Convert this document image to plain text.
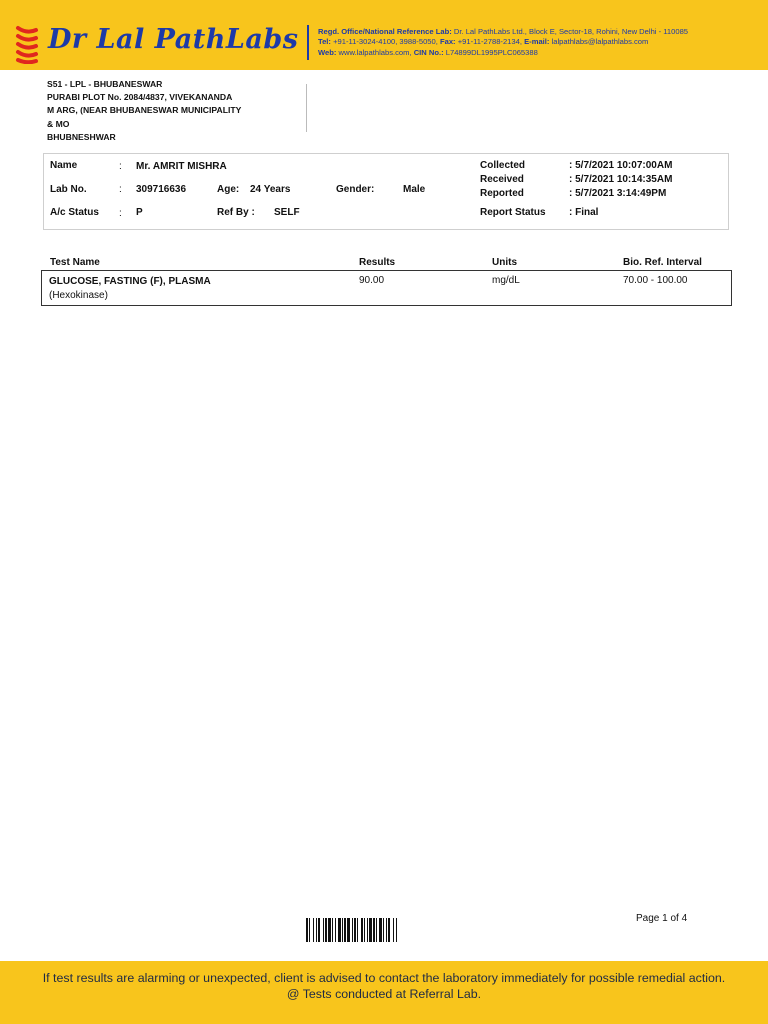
Dr Lal PathLabs	Regd. Office/National Reference Lab: Dr. Lal PathLabs Ltd., Block E, Sector-18, Rohini, New Delhi - 110085
Tel: +91-11-3024-4100, 3988-5050, Fax: +91-11-2788-2134, E-mail: lalpathlabs@lalpathlabs.com
Web: www.lalpathlabs.com, CIN No.: L74899DL1995PLC065388
S51 - LPL - BHUBANESWAR
PURABI PLOT No. 2084/4837, VIVEKANANDA
M ARG, (NEAR BHUBANESWAR MUNICIPALITY
& MO
BHUBNESHWAR
Name	: Mr. AMRIT MISHRA
Lab No.	: 309716636	Age: 24 Years	Gender:	Male
A/c Status : P	Ref By : SELF
Collected	: 5/7/2021 10:07:00AM
Received	: 5/7/2021 10:14:35AM
Reported	: 5/7/2021 3:14:49PM
Report Status : Final
Test Name	Results	Units	Bio. Ref. Interval
GLUCOSE, FASTING (F), PLASMA
(Hexokinase)
90.00	mg/dL	70.00 - 100.00
Page 1 of 4
If test results are alarming or unexpected, client is advised to contact the laboratory immediately for possible remedial action.
@ Tests conducted at Referral Lab.
